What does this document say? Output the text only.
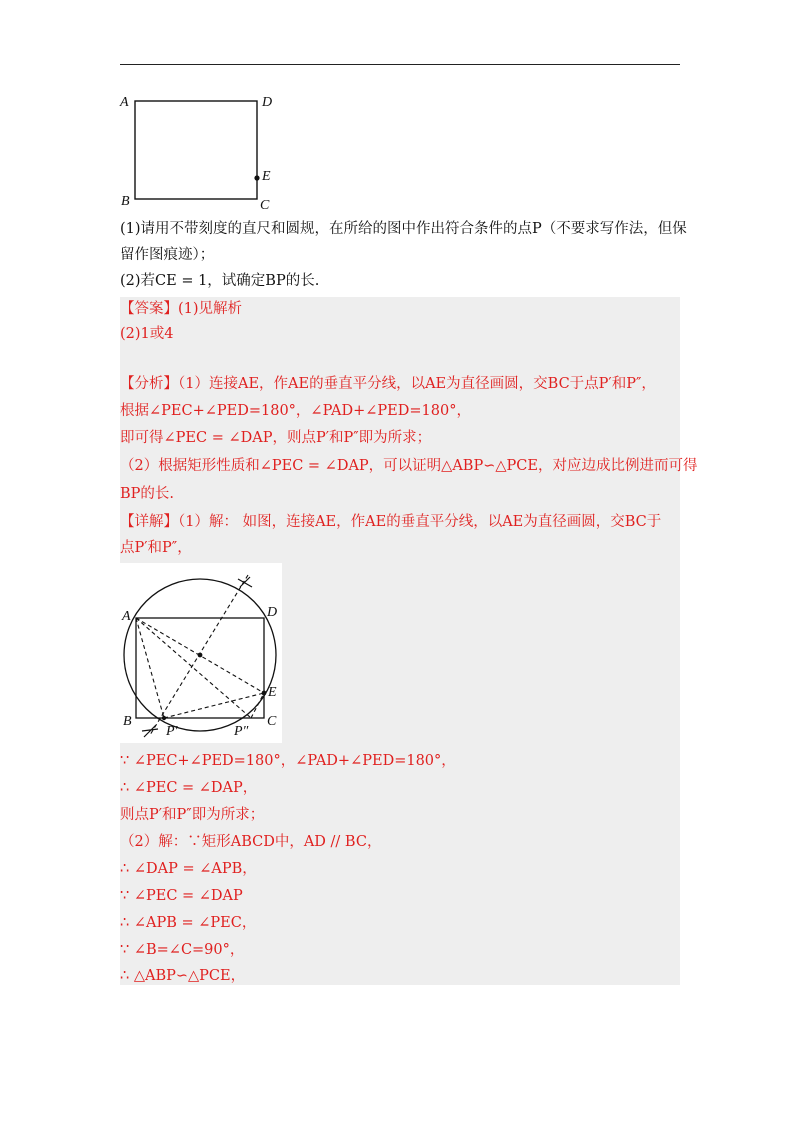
A	D
E
B	C
(1)请用不带刻度的直尺和圆规，在所给的图中作出符合条件的点P（不要求写作法，但保
留作图痕迹）；
(2)若CE = 1，试确定BP的长.
【答案】(1)见解析
(2)1或4
【分析】（1）连接AE，作AE的垂直平分线，以AE为直径画圆，交BC于点P′和P″，
根据∠PEC+∠PED=180°，∠PAD+∠PED=180°，
即可得∠PEC = ∠DAP，则点P′和P″即为所求；
（2）根据矩形性质和∠PEC = ∠DAP，可以证明△ABP∽△PCE，对应边成比例进而可得
BP的长.
【详解】（1）解： 如图，连接AE，作AE的垂直平分线，以AE为直径画圆，交BC于
点P′和P″，
A	D
E
B	C
P′	P″
∵ ∠PEC+∠PED=180°，∠PAD+∠PED=180°，
∴ ∠PEC = ∠DAP，
则点P′和P″即为所求；
（2）解：∵矩形ABCD中，AD // BC，
∴ ∠DAP = ∠APB，
∵ ∠PEC = ∠DAP
∴ ∠APB = ∠PEC，
∵ ∠B=∠C=90°，
∴ △ABP∽△PCE，
